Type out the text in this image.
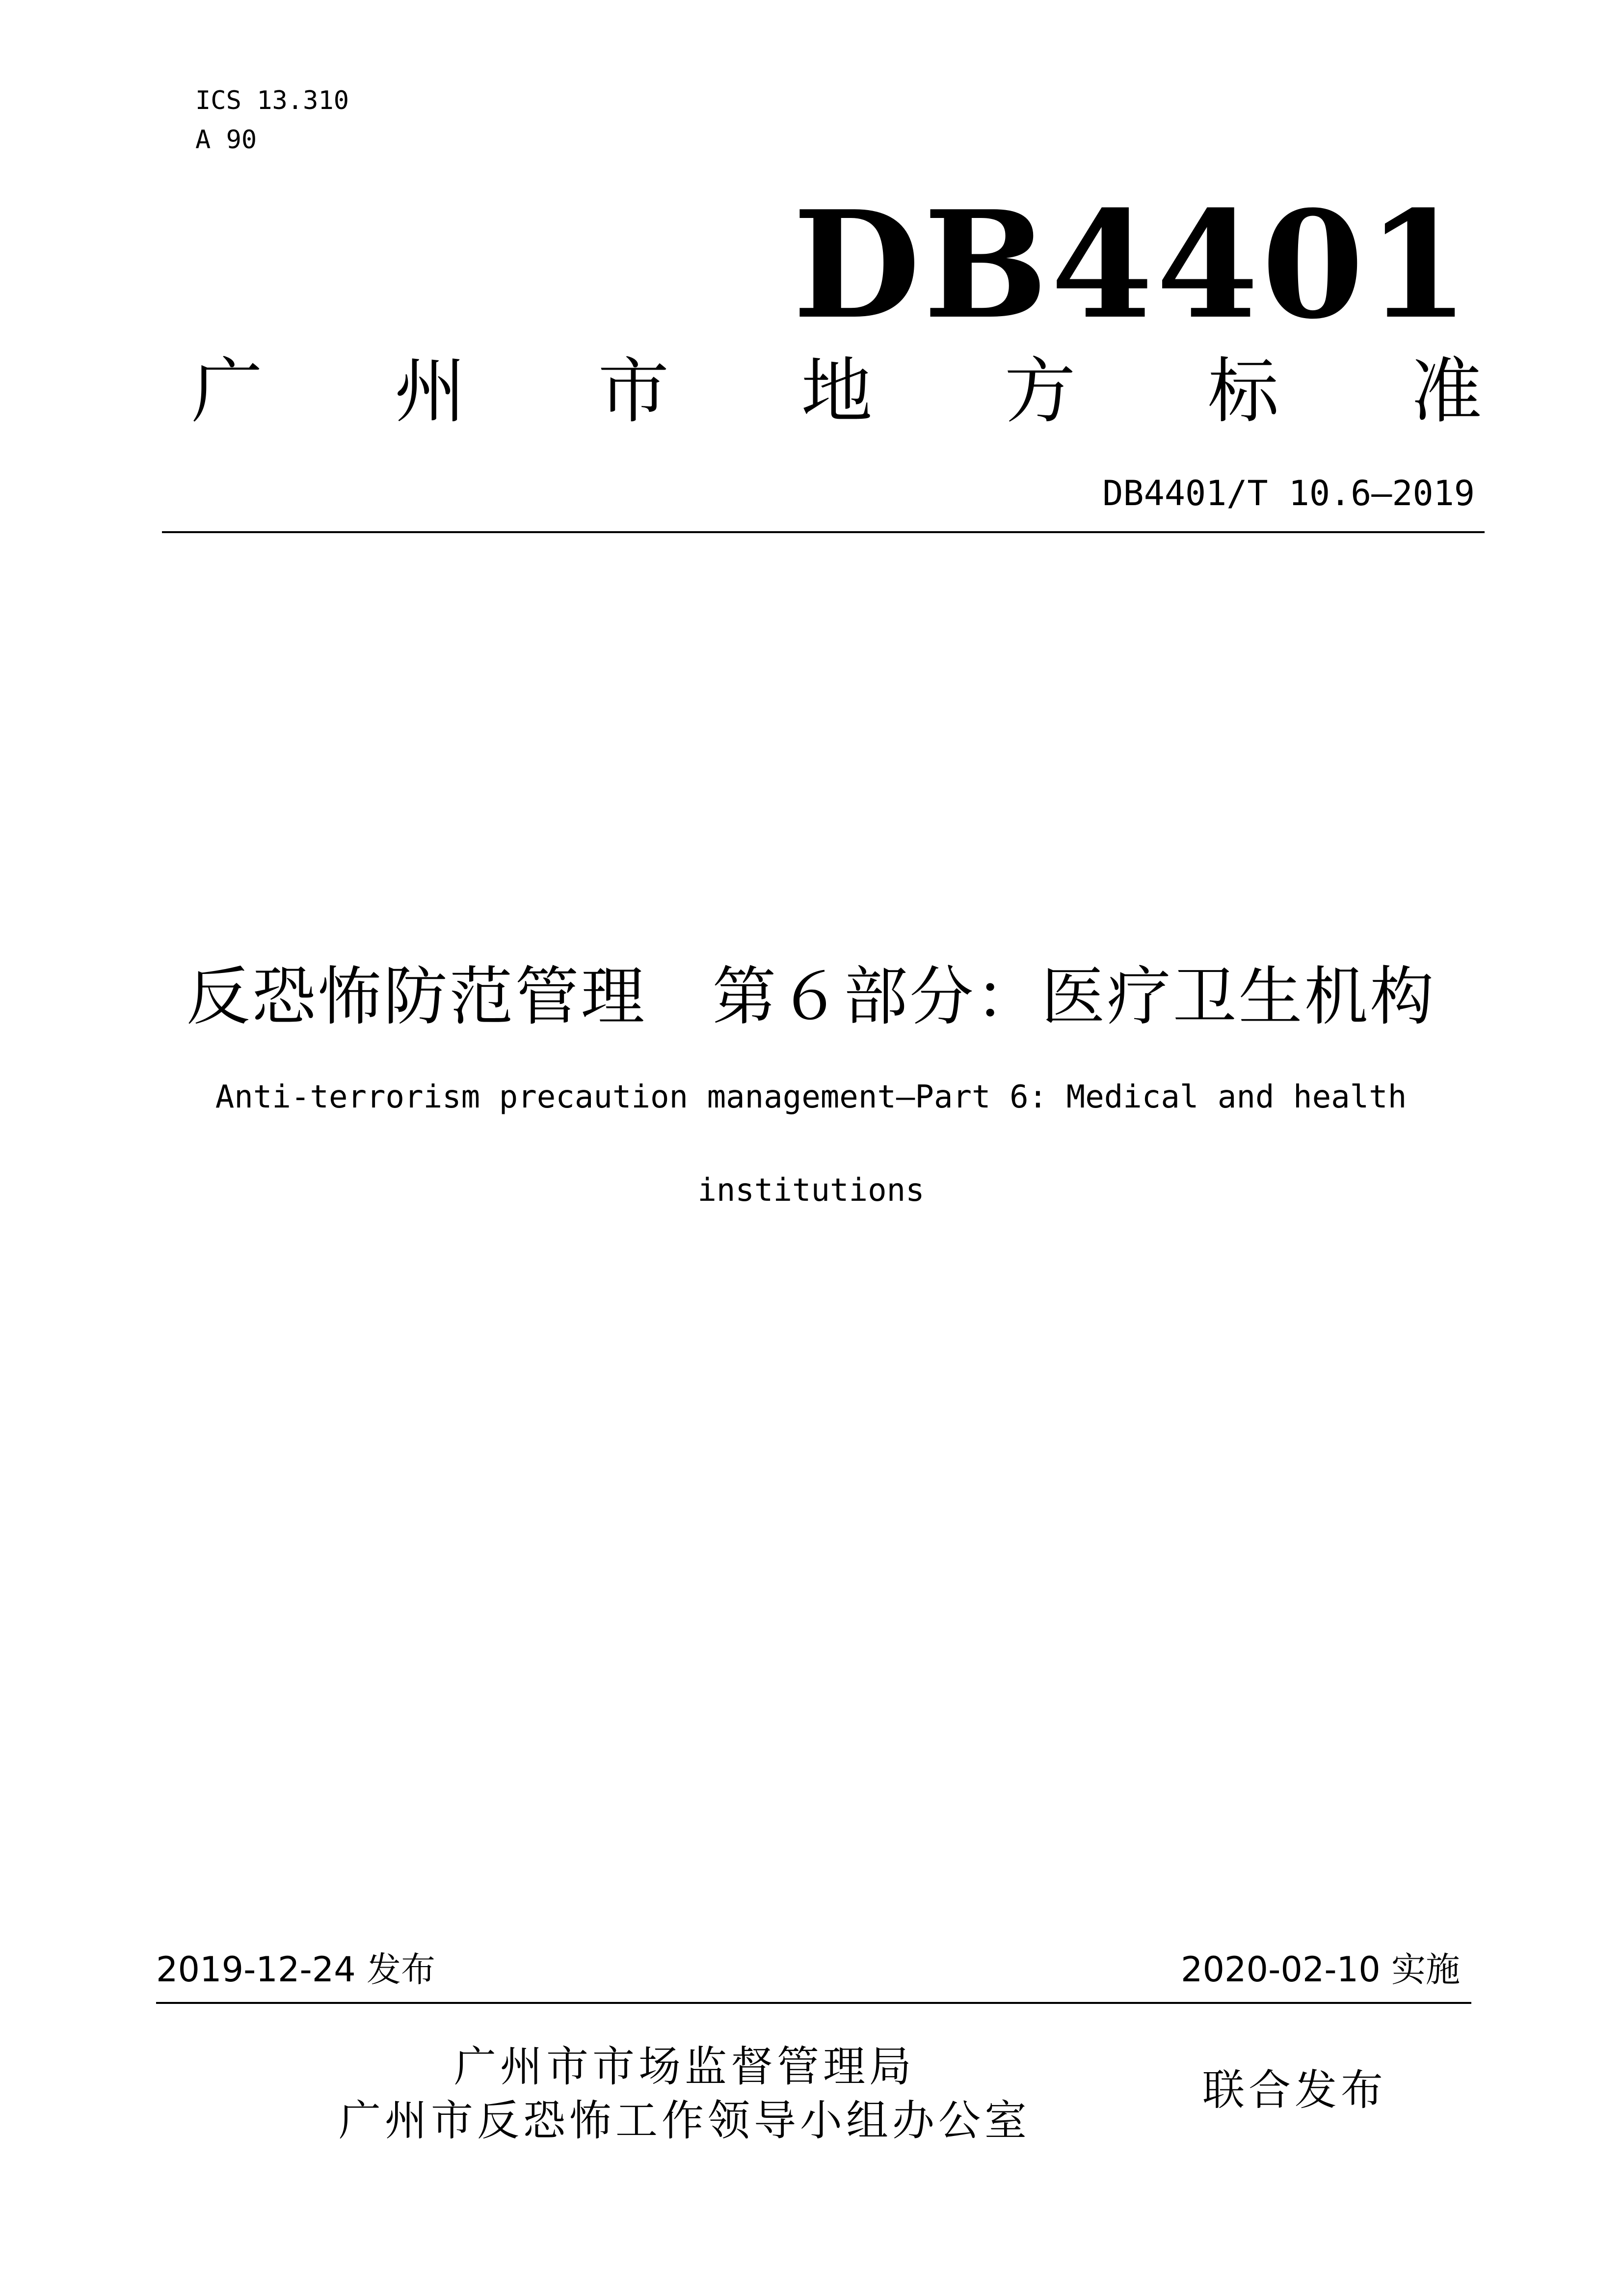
ICS 13.310
A 90
DB4401
广 州 市 地 方 标 准
DB4401/T 10.6—2019
反恐怖防范管理　第６部分：医疗卫生机构
Anti-terrorism precaution management—Part 6: Medical and health
institutions
2019-12-24 发布	2020-02-10 实施
广州市市场监督管理局
广州市反恐怖工作领导小组办公室
联合发布
